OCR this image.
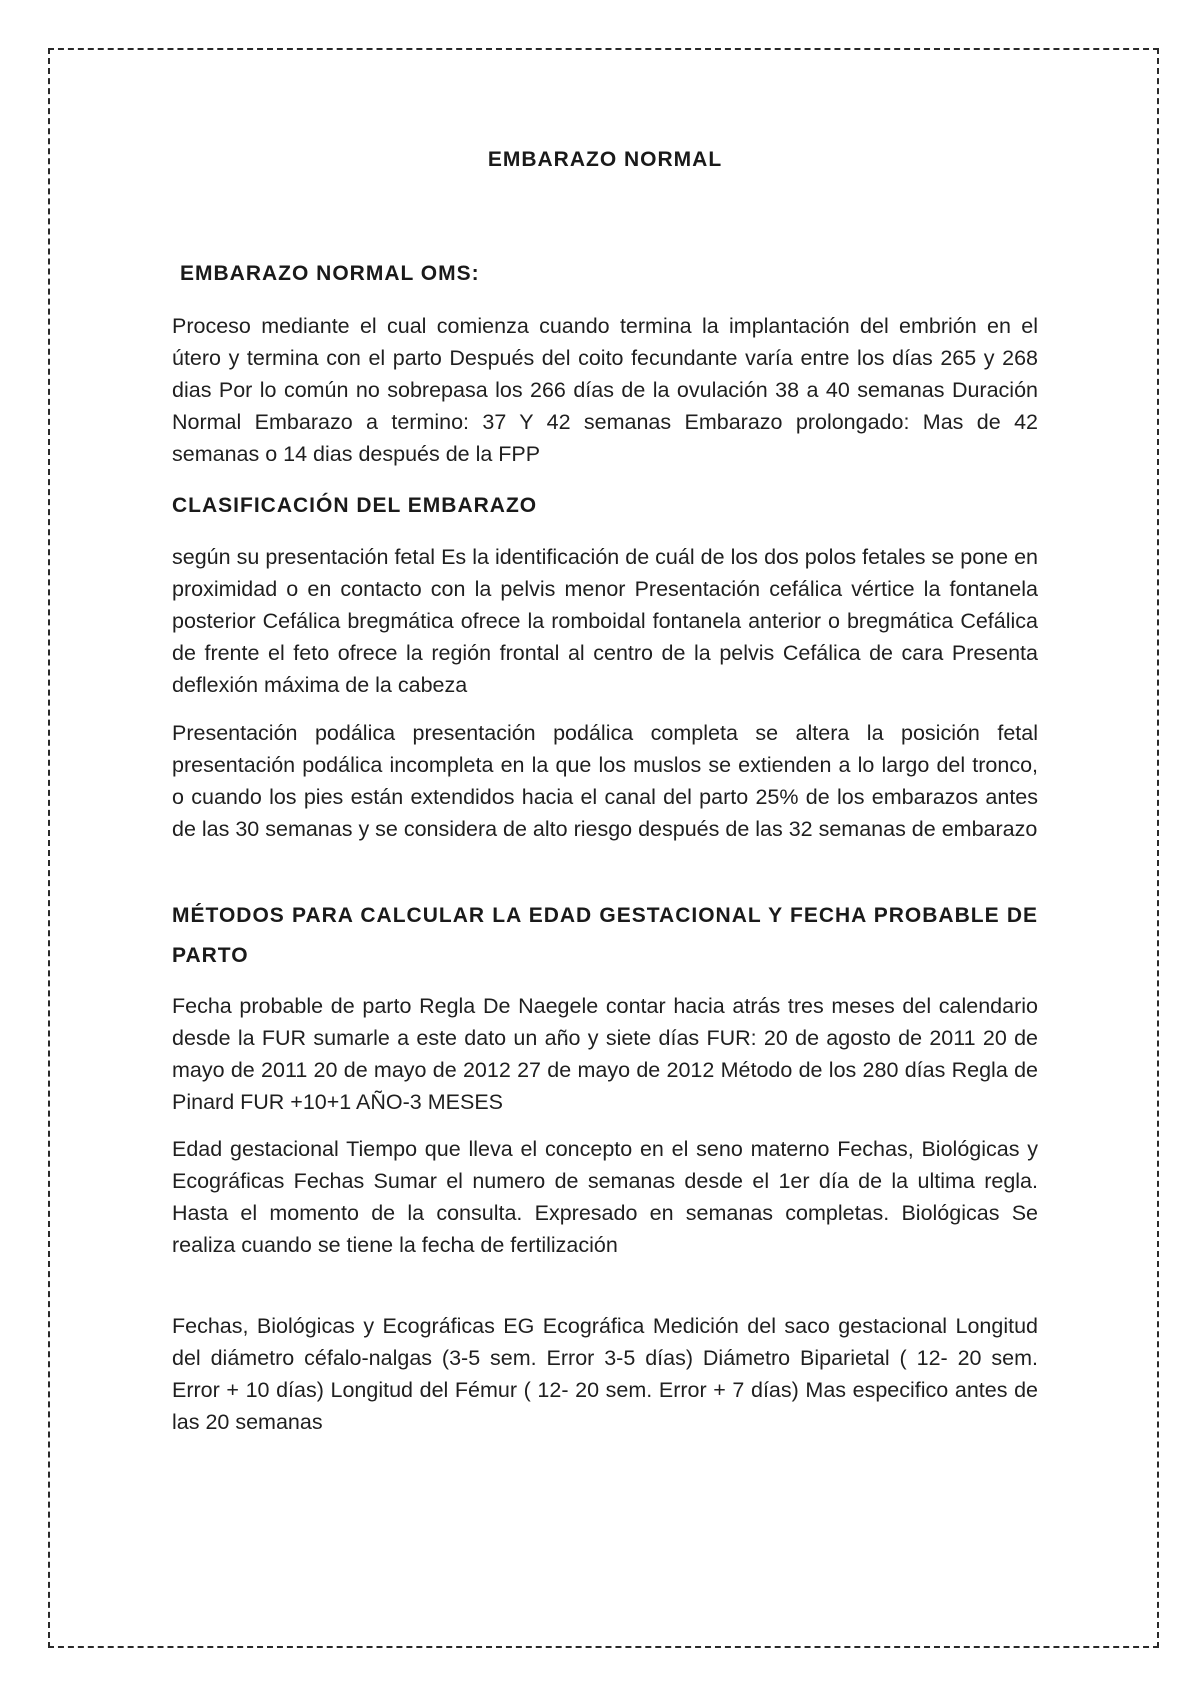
EMBARAZO NORMAL
EMBARAZO NORMAL OMS:

Proceso mediante el cual comienza cuando termina la implantación del embrión en el útero y termina con el parto Después del coito fecundante varía entre los días 265 y 268 dias Por lo común no sobrepasa los 266 días de la ovulación 38 a 40 semanas Duración Normal Embarazo a termino: 37 Y 42 semanas Embarazo prolongado: Mas de 42 semanas o 14 dias después de la FPP

CLASIFICACIÓN DEL EMBARAZO

según su presentación fetal Es la identificación de cuál de los dos polos fetales se pone en proximidad o en contacto con la pelvis menor Presentación cefálica vértice la fontanela posterior Cefálica bregmática ofrece la romboidal fontanela anterior o bregmática Cefálica de frente el feto ofrece la región frontal al centro de la pelvis Cefálica de cara Presenta deflexión máxima de la cabeza

Presentación podálica presentación podálica completa se altera la posición fetal presentación podálica incompleta en la que los muslos se extienden a lo largo del tronco, o cuando los pies están extendidos hacia el canal del parto 25% de los embarazos antes de las 30 semanas y se considera de alto riesgo después de las 32 semanas de embarazo

MÉTODOS PARA CALCULAR LA EDAD GESTACIONAL Y FECHA PROBABLE DE PARTO

Fecha probable de parto Regla De Naegele contar hacia atrás tres meses del calendario desde la FUR sumarle a este dato un año y siete días FUR: 20 de agosto de 2011 20 de mayo de 2011 20 de mayo de 2012 27 de mayo de 2012 Método de los 280 días Regla de Pinard FUR +10+1 AÑO-3 MESES

Edad gestacional Tiempo que lleva el concepto en el seno materno Fechas, Biológicas y Ecográficas Fechas Sumar el numero de semanas desde el 1er día de la ultima regla. Hasta el momento de la consulta. Expresado en semanas completas. Biológicas Se realiza cuando se tiene la fecha de fertilización

Fechas, Biológicas y Ecográficas EG Ecográfica Medición del saco gestacional Longitud del diámetro céfalo-nalgas (3-5 sem. Error 3-5 días) Diámetro Biparietal ( 12- 20 sem. Error + 10 días) Longitud del Fémur ( 12- 20 sem. Error + 7 días) Mas especifico antes de las 20 semanas
